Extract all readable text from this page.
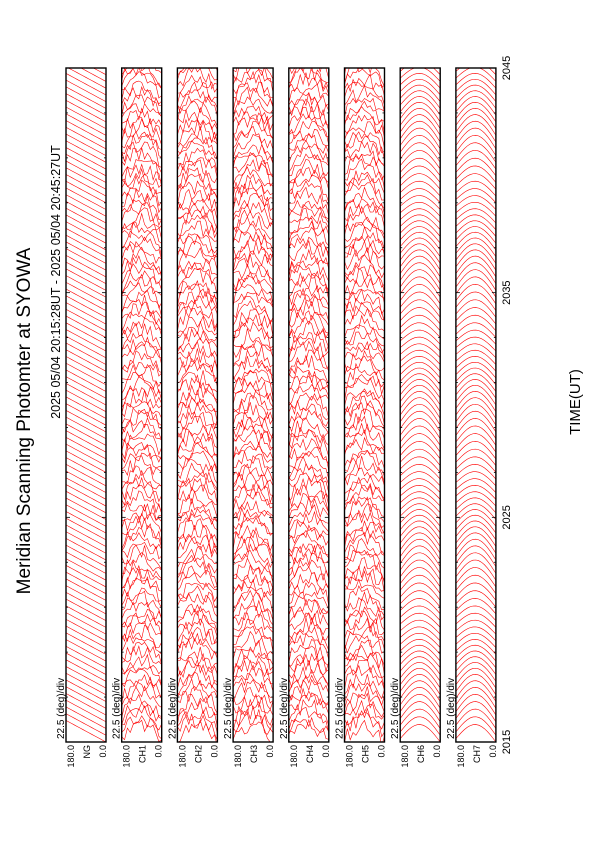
Meridian Scanning Photomter at SYOWA 2025 05/04 20:15:28UT - 2025 05/04 20:45:27UT	TIME(UT)
180.0 0.0
NG
22.5 (deg)/div
180.0 0.0
CH1
22.5 (deg)/div
180.0 0.0
CH2
22.5 (deg)/div
180.0 0.0
CH3
22.5 (deg)/div
180.0 0.0
CH4
22.5 (deg)/div
180.0 0.0
CH5
22.5 (deg)/div
180.0 0.0
CH6
22.5 (deg)/div
180.0 0.0
CH7
22.5 (deg)/div
2015
2025
2035
2045
